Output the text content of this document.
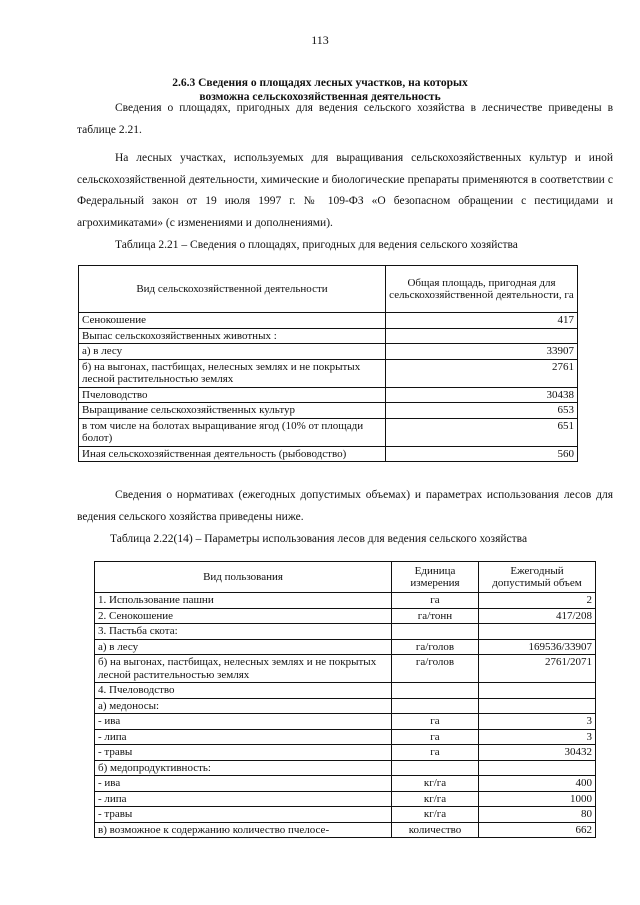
113
2.6.3 Сведения о площадях лесных участков, на которых возможна сельскохозяйственная деятельность
Сведения о площадях, пригодных для ведения сельского хозяйства в лесничестве приведены в таблице 2.21.
На лесных участках, используемых для выращивания сельскохозяйственных культур и иной сельскохозяйственной деятельности, химические и биологические препараты применяются в соответствии с Федеральный закон от 19 июля 1997 г. № 109-ФЗ «О безопасном обращении с пестицидами и агрохимикатами» (с изменениями и дополнениями).
Таблица 2.21 – Сведения о площадях, пригодных для ведения сельского хозяйства
Вид сельскохозяйственной деятельности	Общая площадь, пригодная для сельскохозяйственной деятельности, га
Сенокошение	417
Выпас сельскохозяйственных животных :	
а) в лесу	33907
б) на выгонах, пастбищах, нелесных землях и не покрытых лесной растительностью землях	2761
Пчеловодство	30438
Выращивание сельскохозяйственных культур	653
в том числе на болотах выращивание ягод (10% от площади болот)	651
Иная сельскохозяйственная деятельность (рыбоводство)	560
Сведения о нормативах (ежегодных допустимых объемах) и параметрах использования лесов для ведения сельского хозяйства приведены ниже.
Таблица 2.22(14) – Параметры использования лесов для ведения сельского хозяйства
Вид пользования	Единица измерения	Ежегодный допустимый объем
1. Использование пашни	га	2
2. Сенокошение	га/тонн	417/208
3. Пастьба скота:		
а) в лесу	га/голов	169536/33907
б) на выгонах, пастбищах, нелесных землях и не покрытых лесной растительностью землях	га/голов	2761/2071
4. Пчеловодство		
а) медоносы:		
- ива	га	3
- липа	га	3
- травы	га	30432
б) медопродуктивность:		
- ива	кг/га	400
- липа	кг/га	1000
- травы	кг/га	80
в) возможное к содержанию количество пчелосе-	количество	662
